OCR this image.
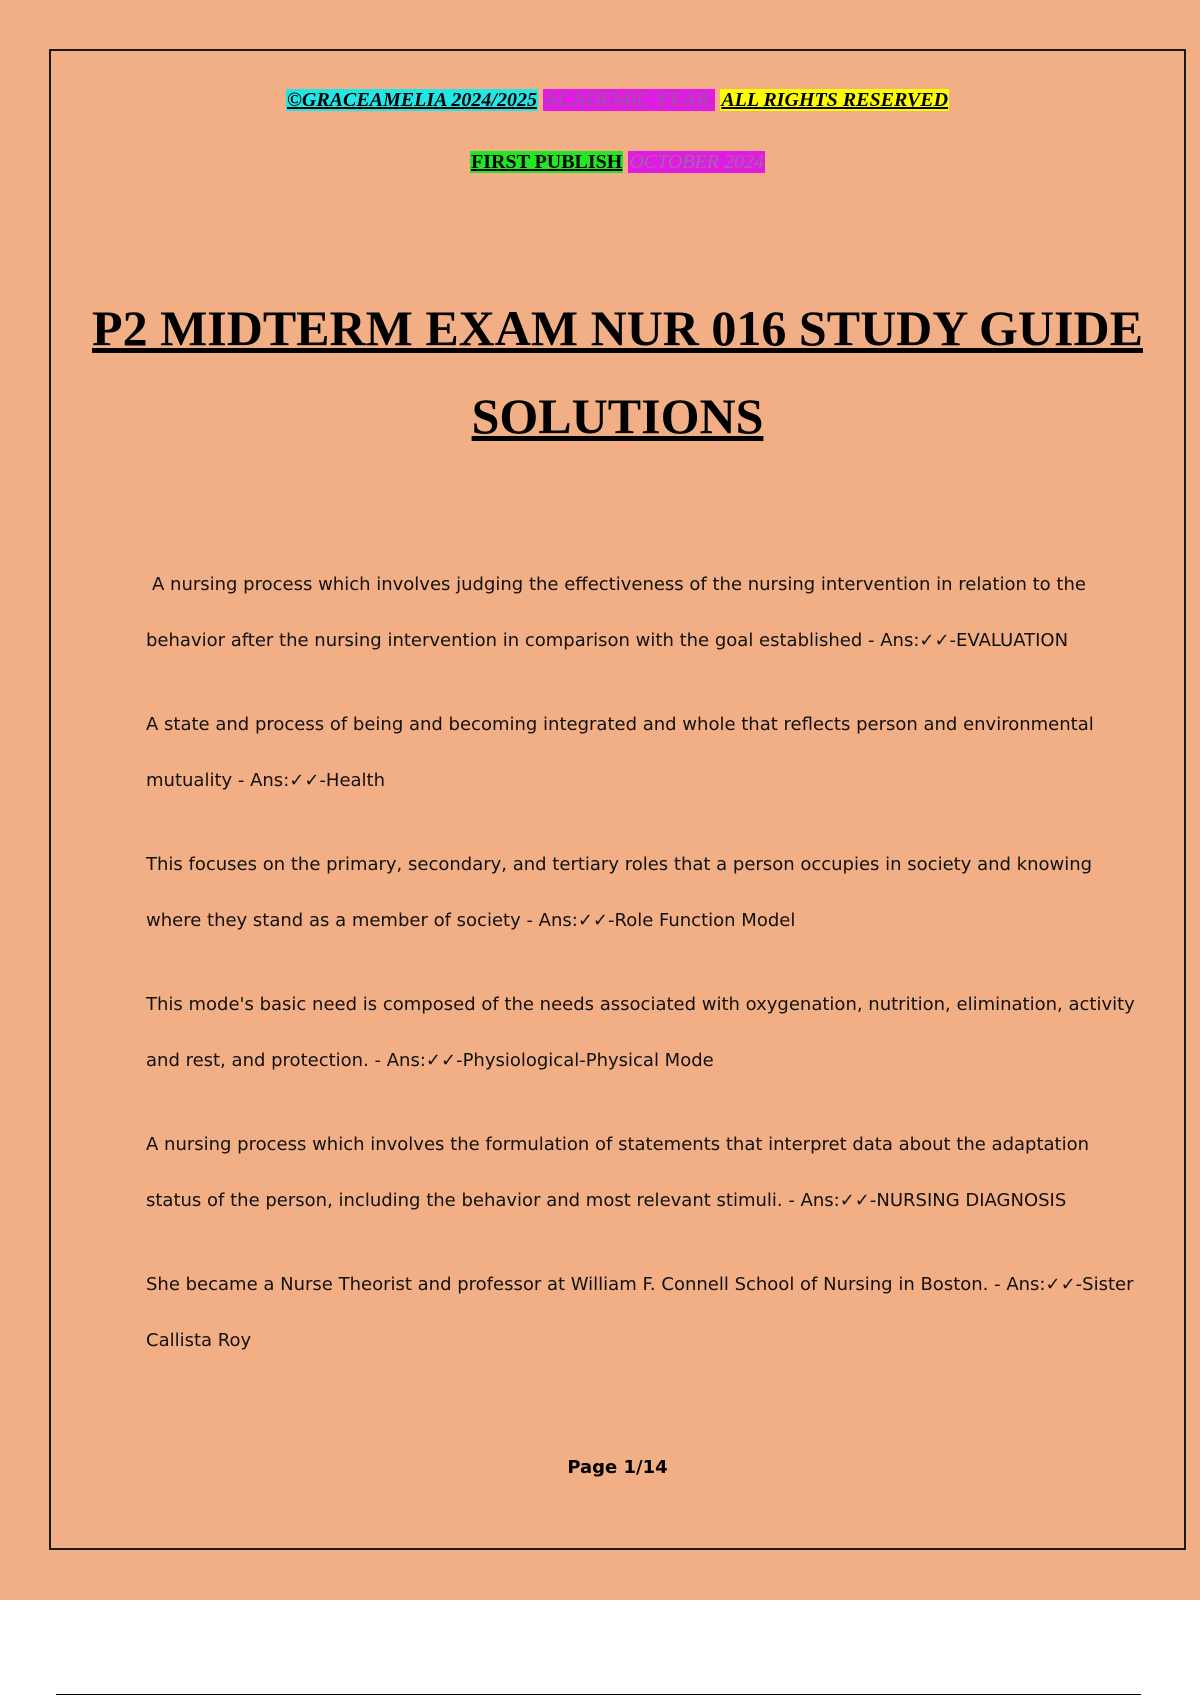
©GRACEAMELIA 2024/2025 ACADEMIC YEAR. ALL RIGHTS RESERVED
FIRST PUBLISH OCTOBER 2024
P2 MIDTERM EXAM NUR 016 STUDY GUIDE SOLUTIONS

A nursing process which involves judging the effectiveness of the nursing intervention in relation to the behavior after the nursing intervention in comparison with the goal established - Ans:✓✓-EVALUATION

A state and process of being and becoming integrated and whole that reflects person and environmental mutuality - Ans:✓✓-Health

This focuses on the primary, secondary, and tertiary roles that a person occupies in society and knowing where they stand as a member of society - Ans:✓✓-Role Function Model

This mode's basic need is composed of the needs associated with oxygenation, nutrition, elimination, activity and rest, and protection. - Ans:✓✓-Physiological-Physical Mode

A nursing process which involves the formulation of statements that interpret data about the adaptation status of the person, including the behavior and most relevant stimuli. - Ans:✓✓-NURSING DIAGNOSIS

She became a Nurse Theorist and professor at William F. Connell School of Nursing in Boston. - Ans:✓✓-Sister Callista Roy

Page 1/14
